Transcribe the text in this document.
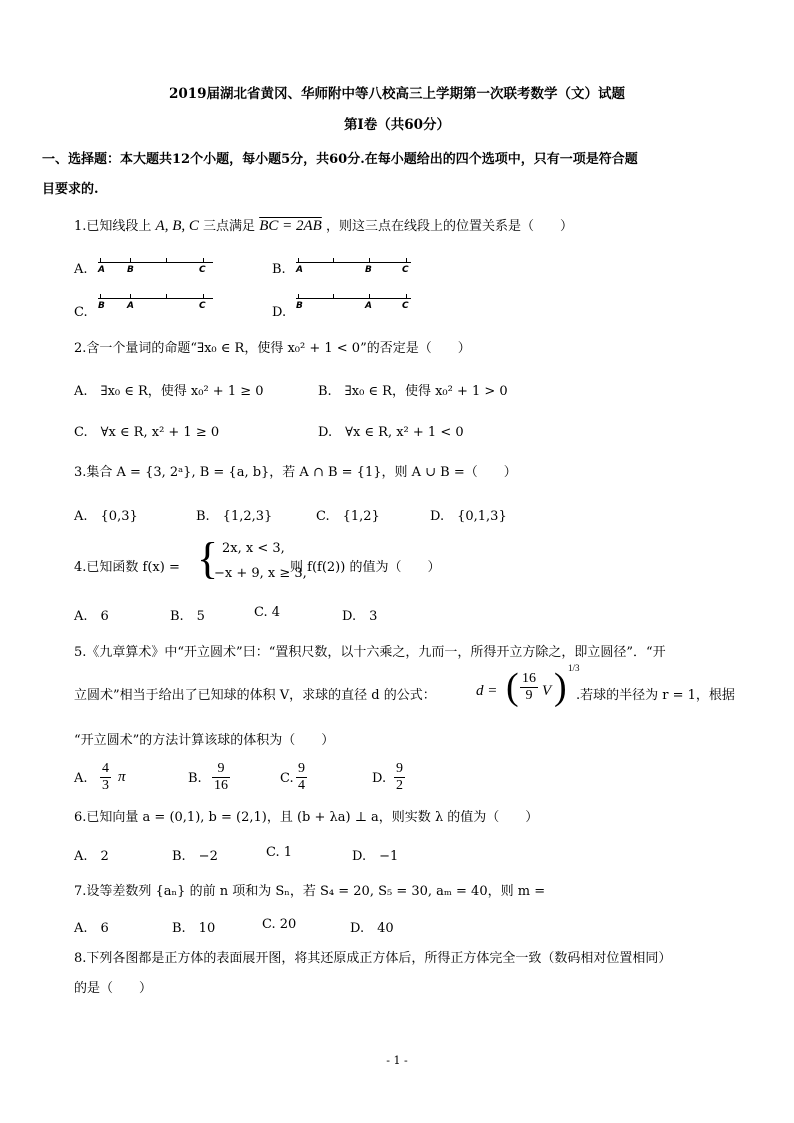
2019届湖北省黄冈、华师附中等八校高三上学期第一次联考数学（文）试题
第Ⅰ卷（共60分）
一、选择题：本大题共12个小题，每小题5分，共60分.在每小题给出的四个选项中，只有一项是符合题
目要求的.
1.已知线段上 A, B, C 三点满足 BC = 2AB ，则这三点在线段上的位置关系是（　　）
A. A B	C	B. A	B	C
C. B A	C	D. B	A	C
2.含一个量词的命题“∃x₀ ∈ R，使得 x₀² + 1 < 0”的否定是（　　）
A.　∃x₀ ∈ R，使得 x₀² + 1 ≥ 0	B.　∃x₀ ∈ R，使得 x₀² + 1 > 0
C.　∀x ∈ R, x² + 1 ≥ 0	D.　∀x ∈ R, x² + 1 < 0
3.集合 A = {3, 2ᵃ}, B = {a, b}，若 A ∩ B = {1}，则 A ∪ B =（　　）
A.　{0,3}	B.　{1,2,3}	C.　{1,2}	D.　{0,1,3}
4.已知函数 f(x) = { 2x, x < 3,
−x + 9, x ≥ 3,
则 f(f(2)) 的值为（　　）
A.　6	B.　5	C. 4	D.　3
5.《九章算术》中“开立圆术”曰：“置积尺数，以十六乘之，九而一，所得开立方除之，即立圆径”．“开
立圆术”相当于给出了已知球的体积 V，求球的直径 d 的公式：	d = ( $\frac{16}{9}$ V ) 1/3
.若球的半径为 r = 1，根据
“开立圆术”的方法计算该球的体积为（　　）
A. $\frac{4}{3}$ π	B. $\frac{9}{16}$	C. $\frac{9}{4}$	D. $\frac{9}{2}$
6.已知向量 a = (0,1), b = (2,1)，且 (b + λa) ⊥ a，则实数 λ 的值为（　　）
A.　2	B.　−2	C. 1	D.　−1
7.设等差数列 {aₙ} 的前 n 项和为 Sₙ，若 S₄ = 20, S₅ = 30, aₘ = 40，则 m =
A.　6	B.　10	C. 20	D.　40
8.下列各图都是正方体的表面展开图，将其还原成正方体后，所得正方体完全一致（数码相对位置相同）
的是（　　）
- 1 -
